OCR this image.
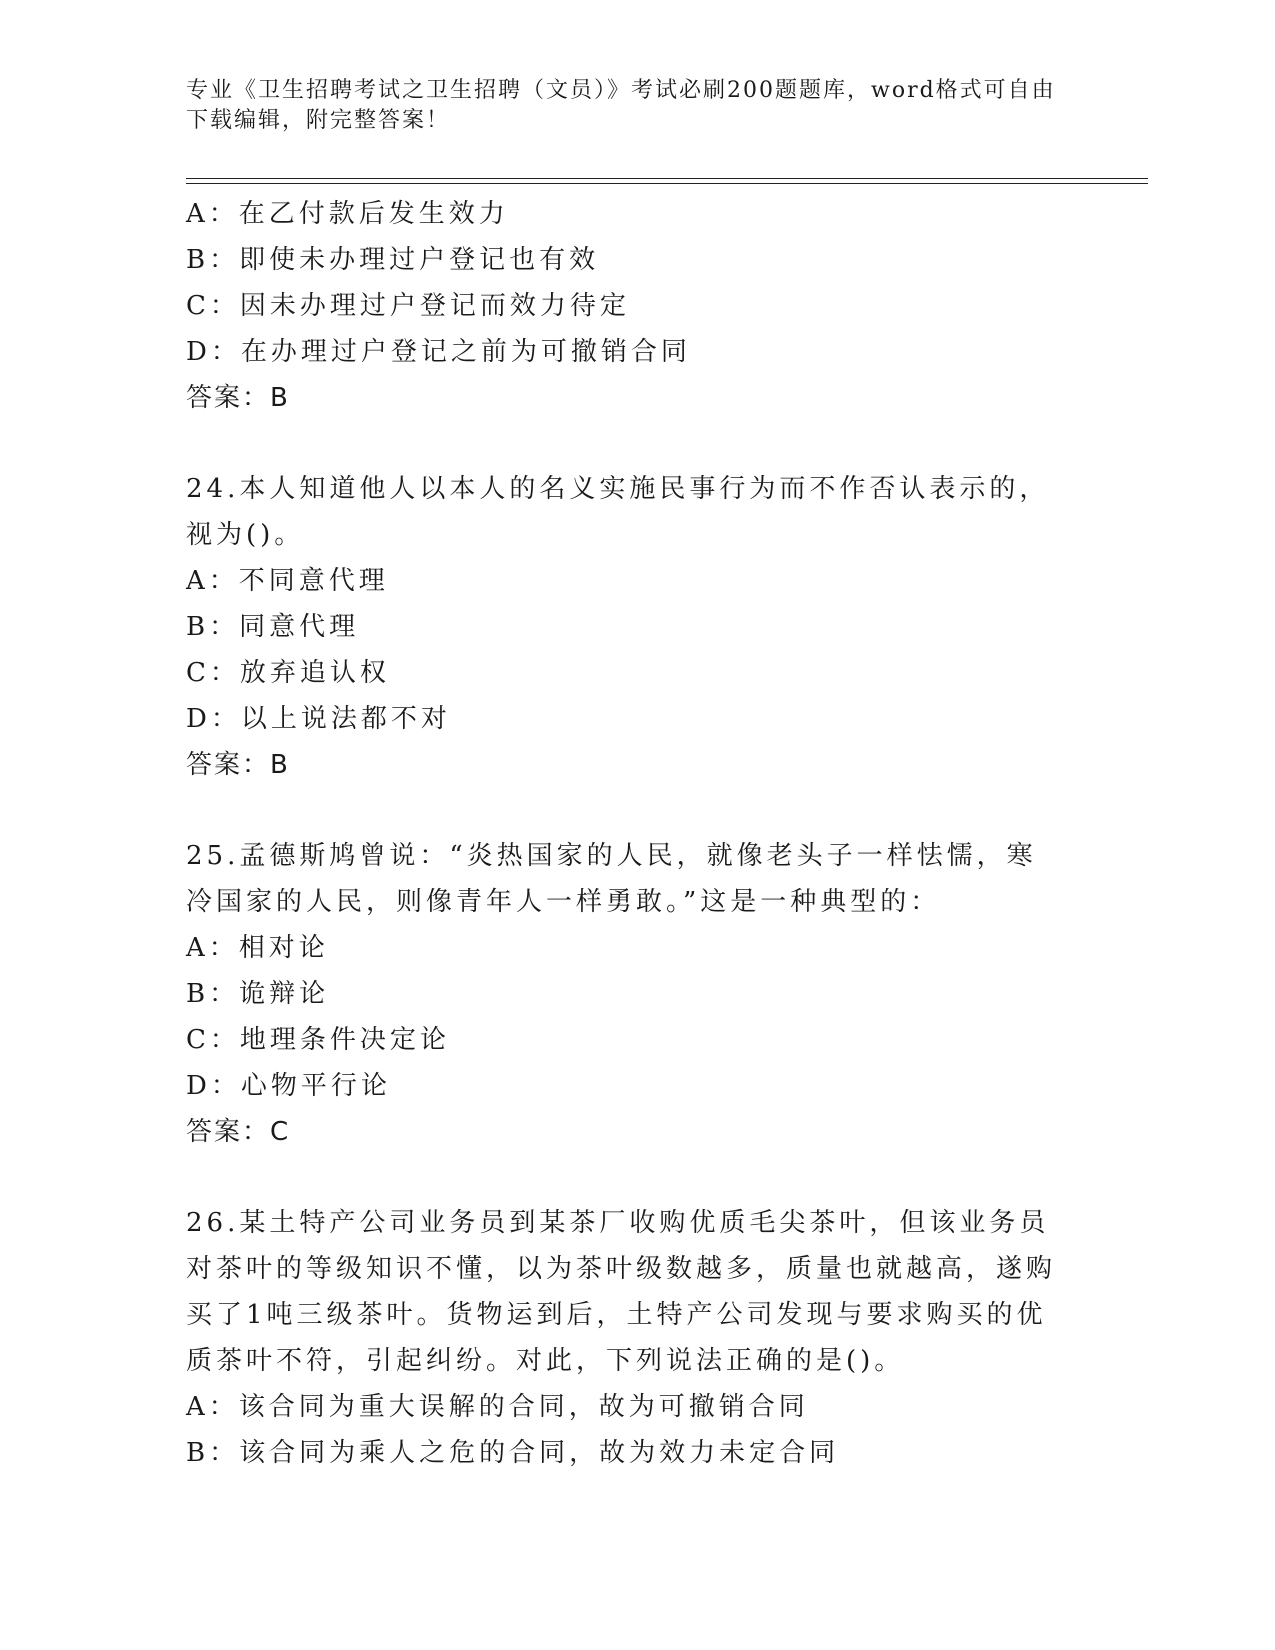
专业《卫生招聘考试之卫生招聘（文员）》考试必刷200题题库，word格式可自由下载编辑，附完整答案！
A：在乙付款后发生效力
B：即使未办理过户登记也有效
C：因未办理过户登记而效力待定
D：在办理过户登记之前为可撤销合同
答案：B
24.本人知道他人以本人的名义实施民事行为而不作否认表示的，视为()。
A：不同意代理
B：同意代理
C：放弃追认权
D：以上说法都不对
答案：B
25.孟德斯鸠曾说：“炎热国家的人民，就像老头子一样怯懦，寒冷国家的人民，则像青年人一样勇敢。”这是一种典型的：
A：相对论
B：诡辩论
C：地理条件决定论
D：心物平行论
答案：C
26.某土特产公司业务员到某茶厂收购优质毛尖茶叶，但该业务员对茶叶的等级知识不懂，以为茶叶级数越多，质量也就越高，遂购买了1吨三级茶叶。货物运到后，土特产公司发现与要求购买的优质茶叶不符，引起纠纷。对此，下列说法正确的是()。
A：该合同为重大误解的合同，故为可撤销合同
B：该合同为乘人之危的合同，故为效力未定合同
